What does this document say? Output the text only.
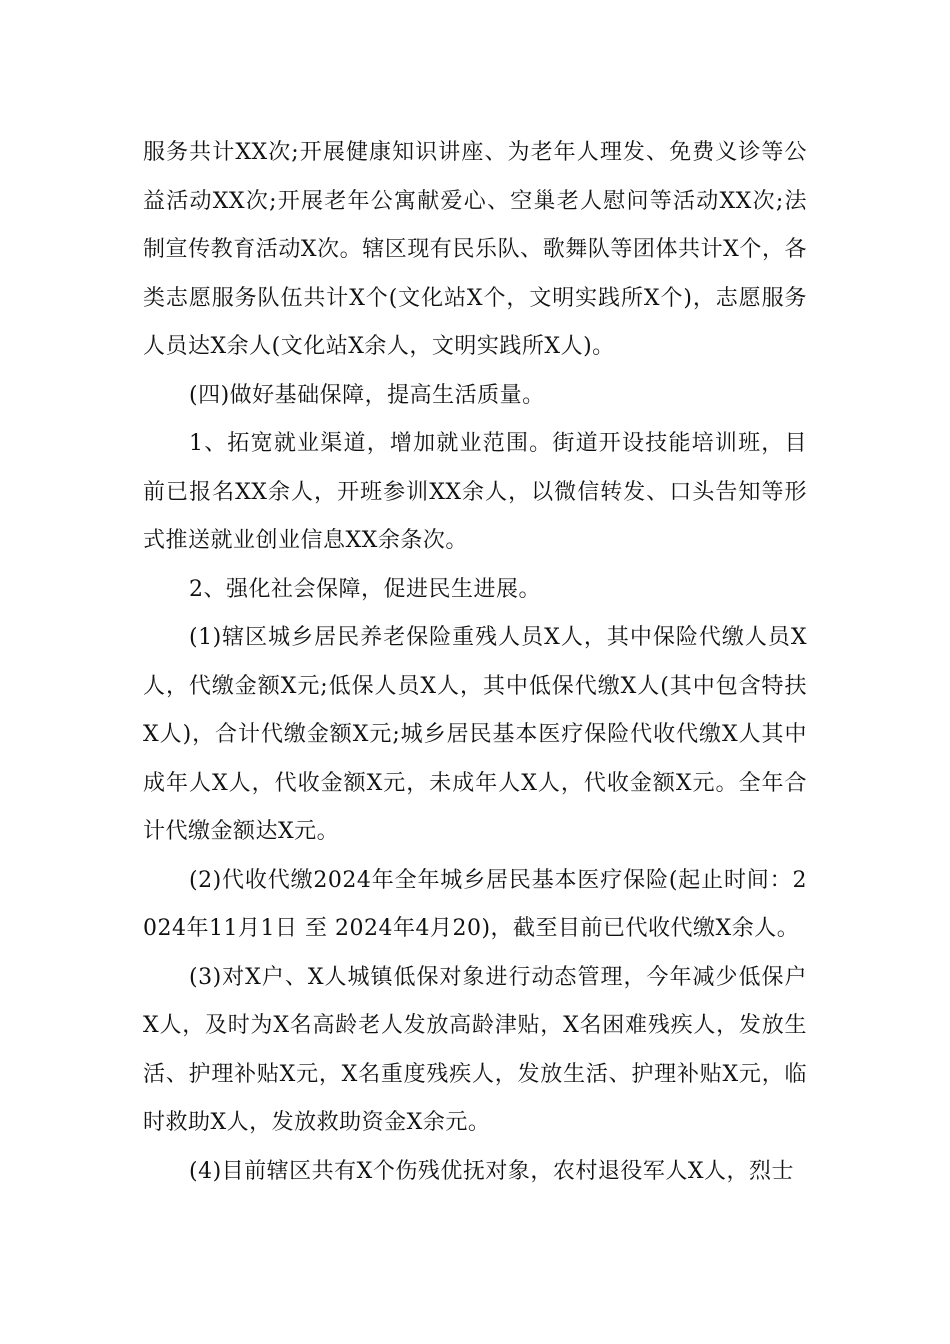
服务共计XX次;开展健康知识讲座、为老年人理发、免费义诊等公益活动XX次;开展老年公寓献爱心、空巢老人慰问等活动XX次;法制宣传教育活动X次。辖区现有民乐队、歌舞队等团体共计X个，各类志愿服务队伍共计X个(文化站X个，文明实践所X个)，志愿服务人员达X余人(文化站X余人，文明实践所X人)。

(四)做好基础保障，提高生活质量。

1、拓宽就业渠道，增加就业范围。街道开设技能培训班，目前已报名XX余人，开班参训XX余人，以微信转发、口头告知等形式推送就业创业信息XX余条次。

2、强化社会保障，促进民生进展。

(1)辖区城乡居民养老保险重残人员X人，其中保险代缴人员X人，代缴金额X元;低保人员X人，其中低保代缴X人(其中包含特扶X人)，合计代缴金额X元;城乡居民基本医疗保险代收代缴X人其中成年人X人，代收金额X元，未成年人X人，代收金额X元。全年合计代缴金额达X元。

(2)代收代缴2024年全年城乡居民基本医疗保险(起止时间：2024年11月1日 至 2024年4月20)，截至目前已代收代缴X余人。

(3)对X户、X人城镇低保对象进行动态管理，今年减少低保户X人，及时为X名高龄老人发放高龄津贴，X名困难残疾人，发放生活、护理补贴X元，X名重度残疾人，发放生活、护理补贴X元，临时救助X人，发放救助资金X余元。

(4)目前辖区共有X个伤残优抚对象，农村退役军人X人，烈士
